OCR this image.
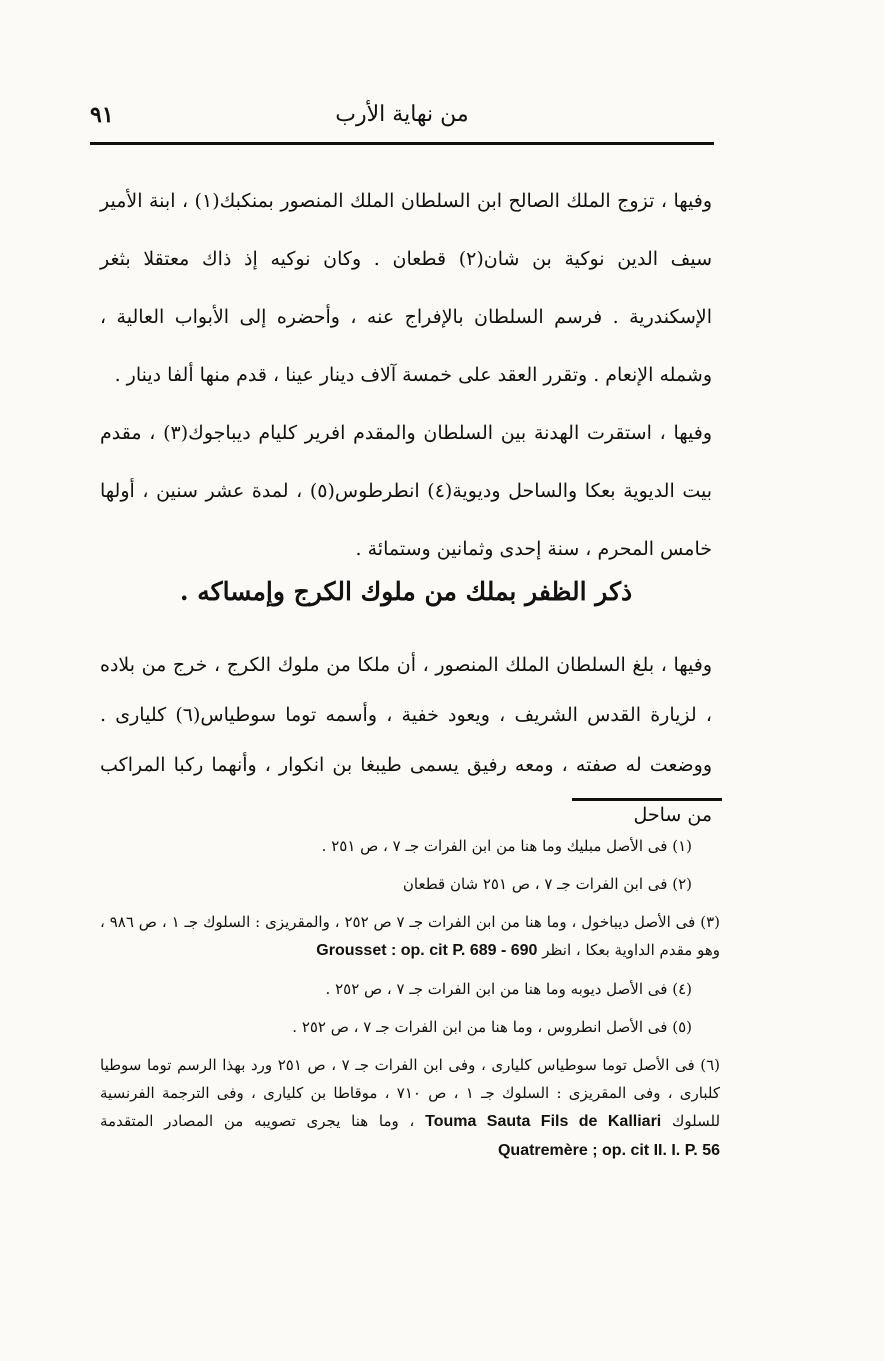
٩١	من نهاية الأرب

وفيها ، تزوج الملك الصالح ابن السلطان الملك المنصور بمنكبك(١) ، ابنة الأمير سيف الدين نوكية بن شان(٢) قطعان . وكان نوكيه إذ ذاك معتقلا بثغر الإسكندرية . فرسم السلطان بالإفراج عنه ، وأحضره إلى الأبواب العالية ، وشمله الإنعام . وتقرر العقد على خمسة آلاف دينار عينا ، قدم منها ألفا دينار .

وفيها ، استقرت الهدنة بين السلطان والمقدم افرير كليام ديباجوك(٣) ، مقدم بيت الديوية بعكا والساحل وديوية(٤) انطرطوس(٥) ، لمدة عشر سنين ، أولها خامس المحرم ، سنة إحدى وثمانين وستمائة .

ذكر الظفر بملك من ملوك الكرج وإمساكه .

وفيها ، بلغ السلطان الملك المنصور ، أن ملكا من ملوك الكرج ، خرج من بلاده ، لزيارة القدس الشريف ، ويعود خفية ، وأسمه توما سوطياس(٦) كليارى . ووضعت له صفته ، ومعه رفيق يسمى طيبغا بن انكوار ، وأنهما ركبا المراكب من ساحل

(١) فى الأصل مبليك وما هنا من ابن الفرات جـ ٧ ، ص ٢٥١ .

(٢) فى ابن الفرات جـ ٧ ، ص ٢٥١ شان قطعان

(٣) فى الأصل ديباخول ، وما هنا من ابن الفرات جـ ٧ ص ٢٥٢ ، والمقريزى : السلوك جـ ١ ، ص ٩٨٦ ، وهو مقدم الداوية بعكا ، انظر Grousset : op. cit P. 689 - 690

(٤) فى الأصل ديوبه وما هنا من ابن الفرات جـ ٧ ، ص ٢٥٢ .

(٥) فى الأصل انطروس ، وما هنا من ابن الفرات جـ ٧ ، ص ٢٥٢ .

(٦) فى الأصل توما سوطياس كليارى ، وفى ابن الفرات جـ ٧ ، ص ٢٥١ ورد بهذا الرسم توما سوطيا كلبارى ، وفى المقريزى : السلوك جـ ١ ، ص ٧١٠ ، موقاطا بن كليارى ، وفى الترجمة الفرنسية للسلوك Touma Sauta Fils de Kalliari ، وما هنا يجرى تصويبه من المصادر المتقدمة Quatremère ; op. cit II. I. P. 56
